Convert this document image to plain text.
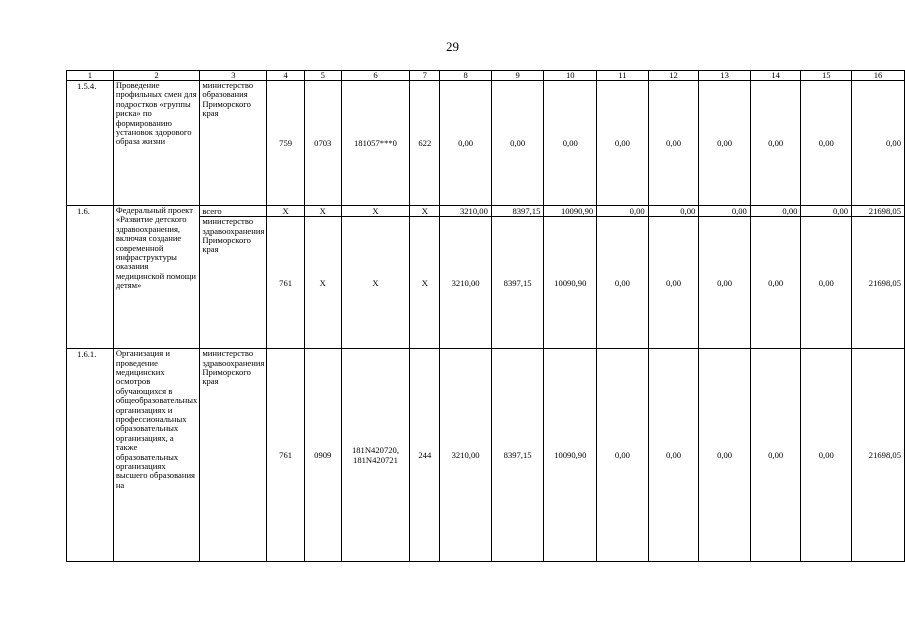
29
1	2	3	4	5	6	7	8	9	10	11	12	13	14	15	16
1.5.4.	Проведение профильных смен для подростков «группы риска» по формированию установок здорового образа жизни	министерство образования Приморского края	759	0703	181057***0	622	0,00	0,00	0,00	0,00	0,00	0,00	0,00	0,00	0,00
1.6.	Федеральный проект «Развитие детского здравоохранения, включая создание современной инфраструктуры оказания медицинской помощи детям»	всего	X	X	X	X	3210,00	8397,15	10090,90	0,00	0,00	0,00	0,00	0,00	21698,05
		министерство здравоохранения Приморского края	761	X	X	X	3210,00	8397,15	10090,90	0,00	0,00	0,00	0,00	0,00	21698,05
1.6.1.	Организация и проведение медицинских осмотров обучающихся в общеобразовательных организациях и профессиональных образовательных организациях, а также образовательных организациях высшего образования на	министерство здравоохранения Приморского края	761	0909	181N420720, 181N420721	244	3210,00	8397,15	10090,90	0,00	0,00	0,00	0,00	0,00	21698,05
